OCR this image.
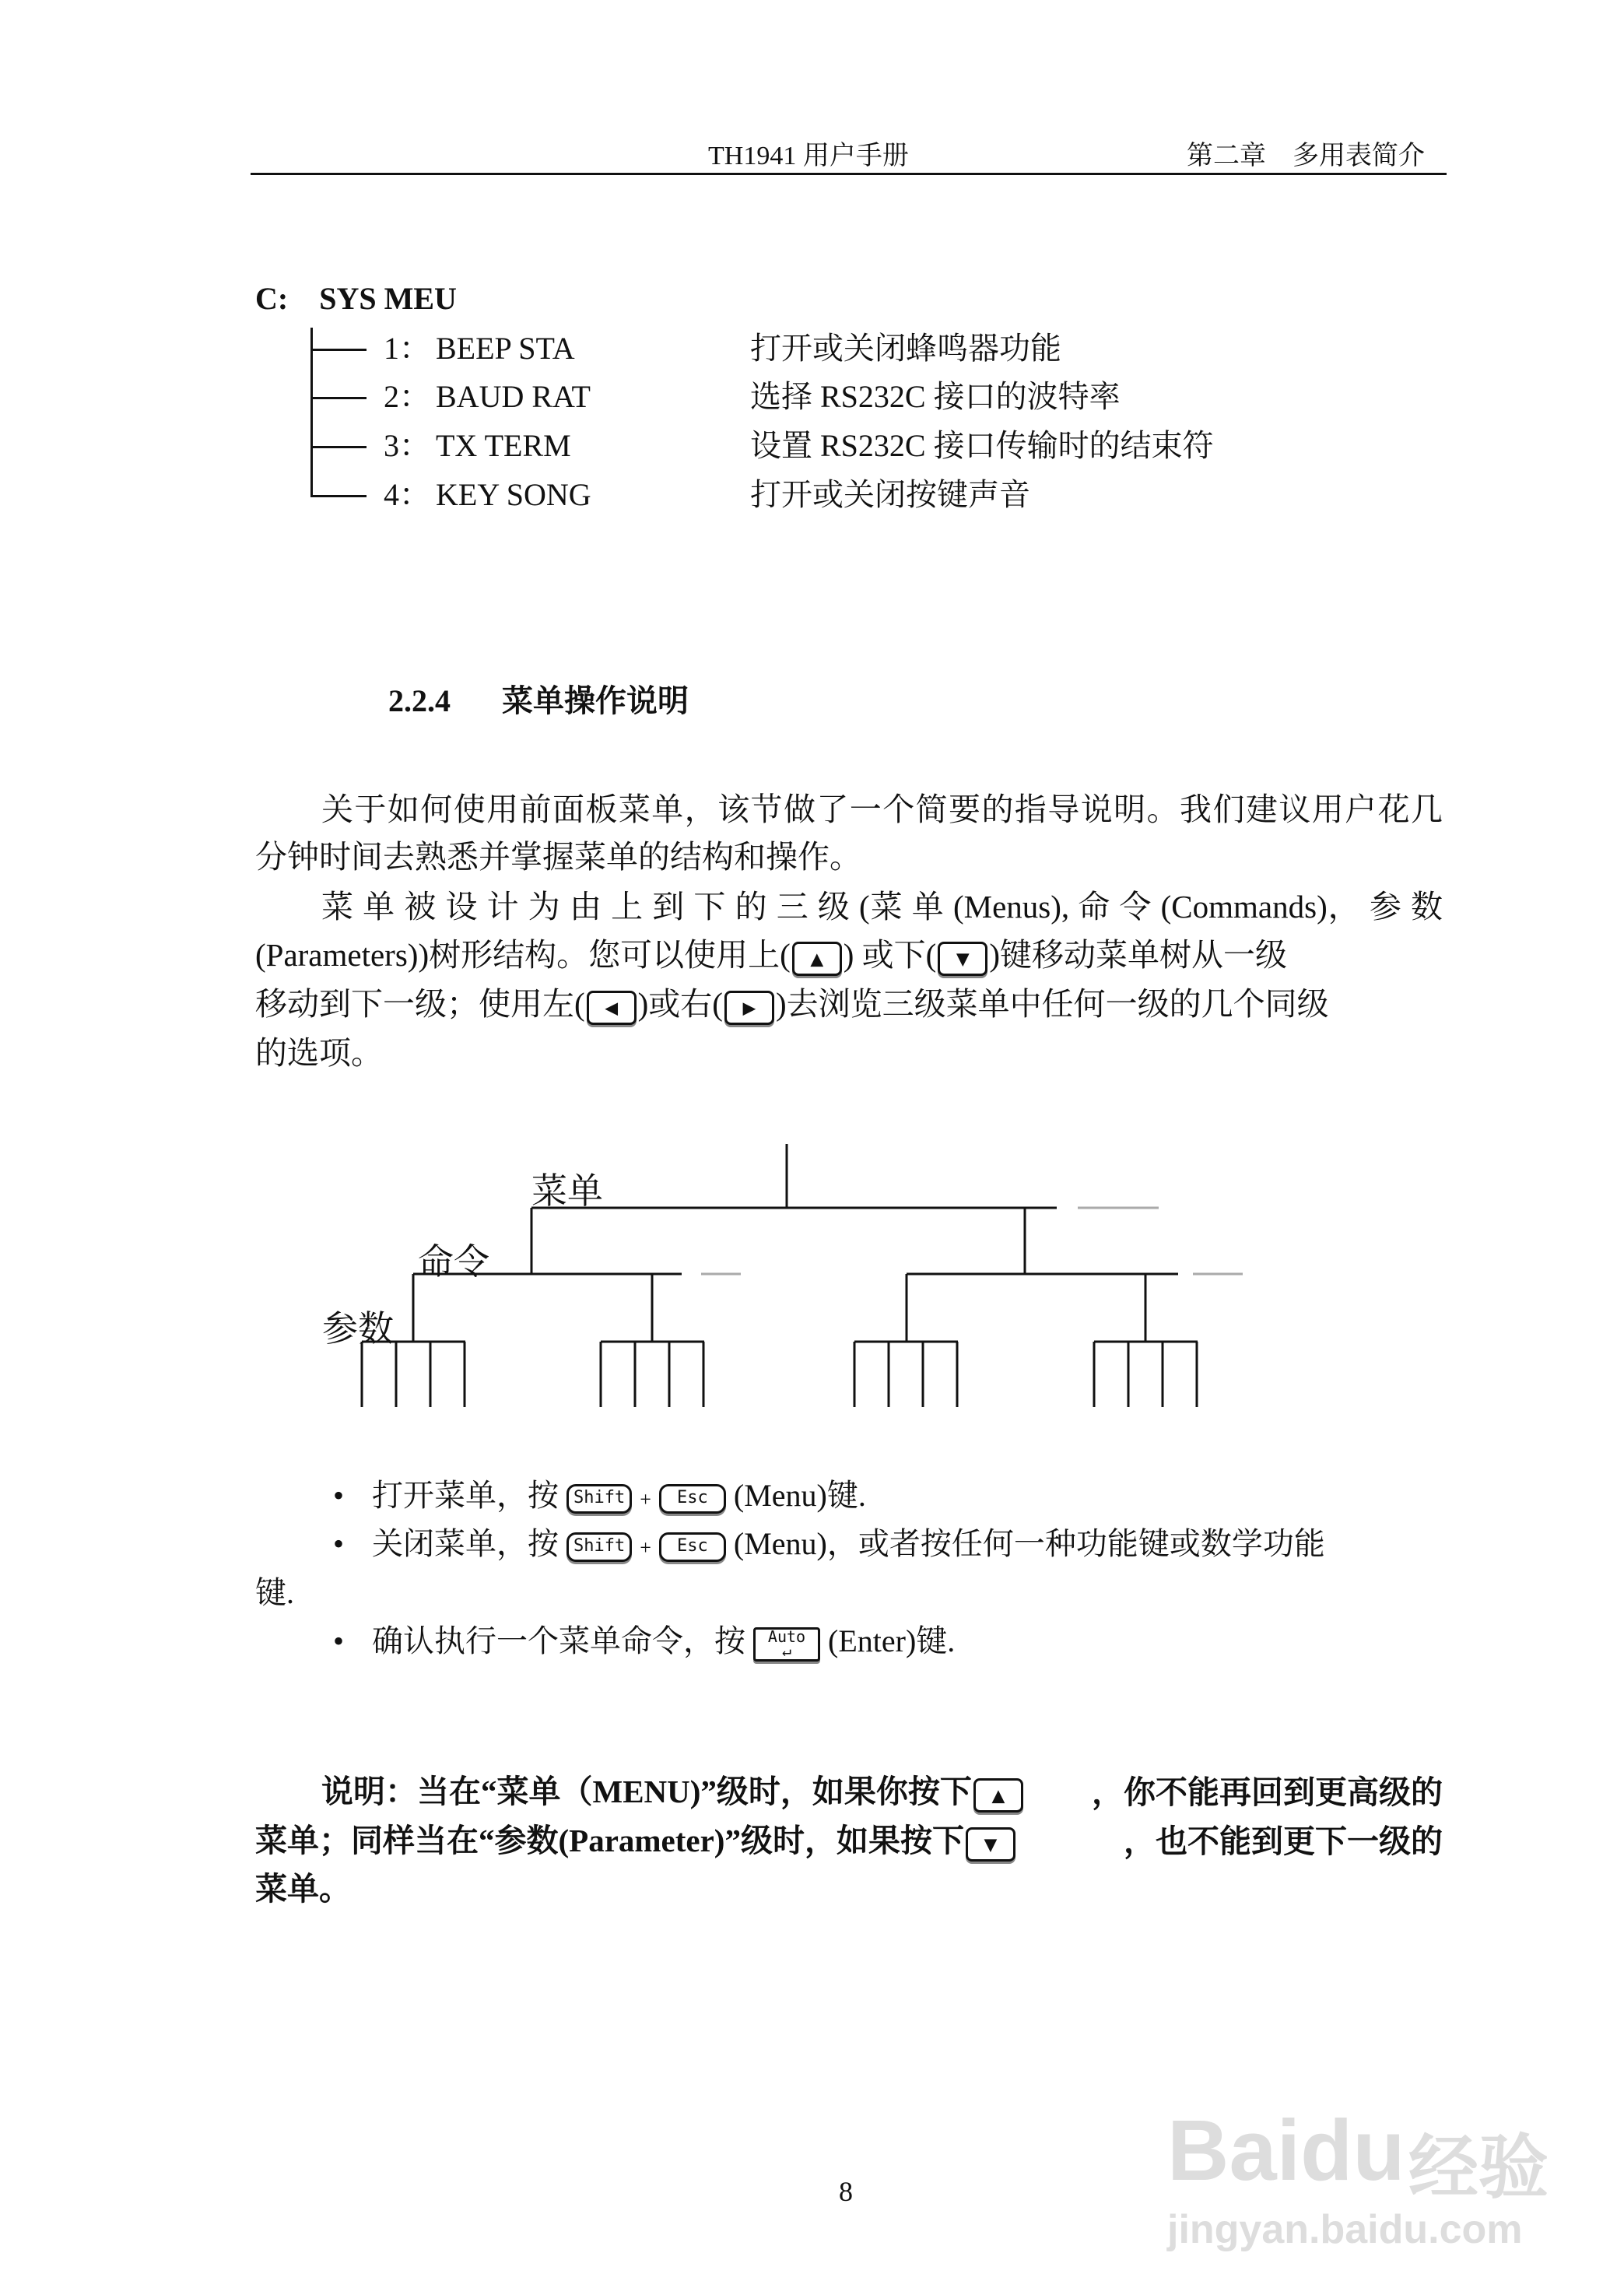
TH1941 用户手册	第二章　多用表简介
C:　SYS MEU
1： BEEP STA	打开或关闭蜂鸣器功能
2： BAUD RAT	选择 RS232C 接口的波特率
3： TX TERM	设置 RS232C 接口传输时的结束符
4： KEY SONG	打开或关闭按键声音
2.2.4 菜单操作说明
关于如何使用前面板菜单，该节做了一个简要的指导说明。我们建议用户花几
分钟时间去熟悉并掌握菜单的结构和操作。
菜 单 被 设 计 为 由 上 到 下 的 三 级 (菜 单 (Menus), 命 令 (Commands)， 参 数
(Parameters))树形结构。您可以使用上( ▲ ) 或下( ▼ )键移动菜单树从一级
移动到下一级；使用左( ◀ )或右( ▶ )去浏览三级菜单中任何一级的几个同级
的选项。
菜单
命令
参数
• 打开菜单，按 Shift + Esc (Menu)键.
• 关闭菜单，按 Shift + Esc (Menu)，或者按任何一种功能键或数学功能
键.
• 确认执行一个菜单命令，按 Auto
↵ (Enter)键.
说明：当在“菜单（MENU)”级时，如果你按下 ▲	，你不能再回到更高级的
菜单；同样当在“参数(Parameter)”级时，如果按下 ▼	，也不能到更下一级的
菜单。
8	Baidu 经验
jingyan.baidu.com
